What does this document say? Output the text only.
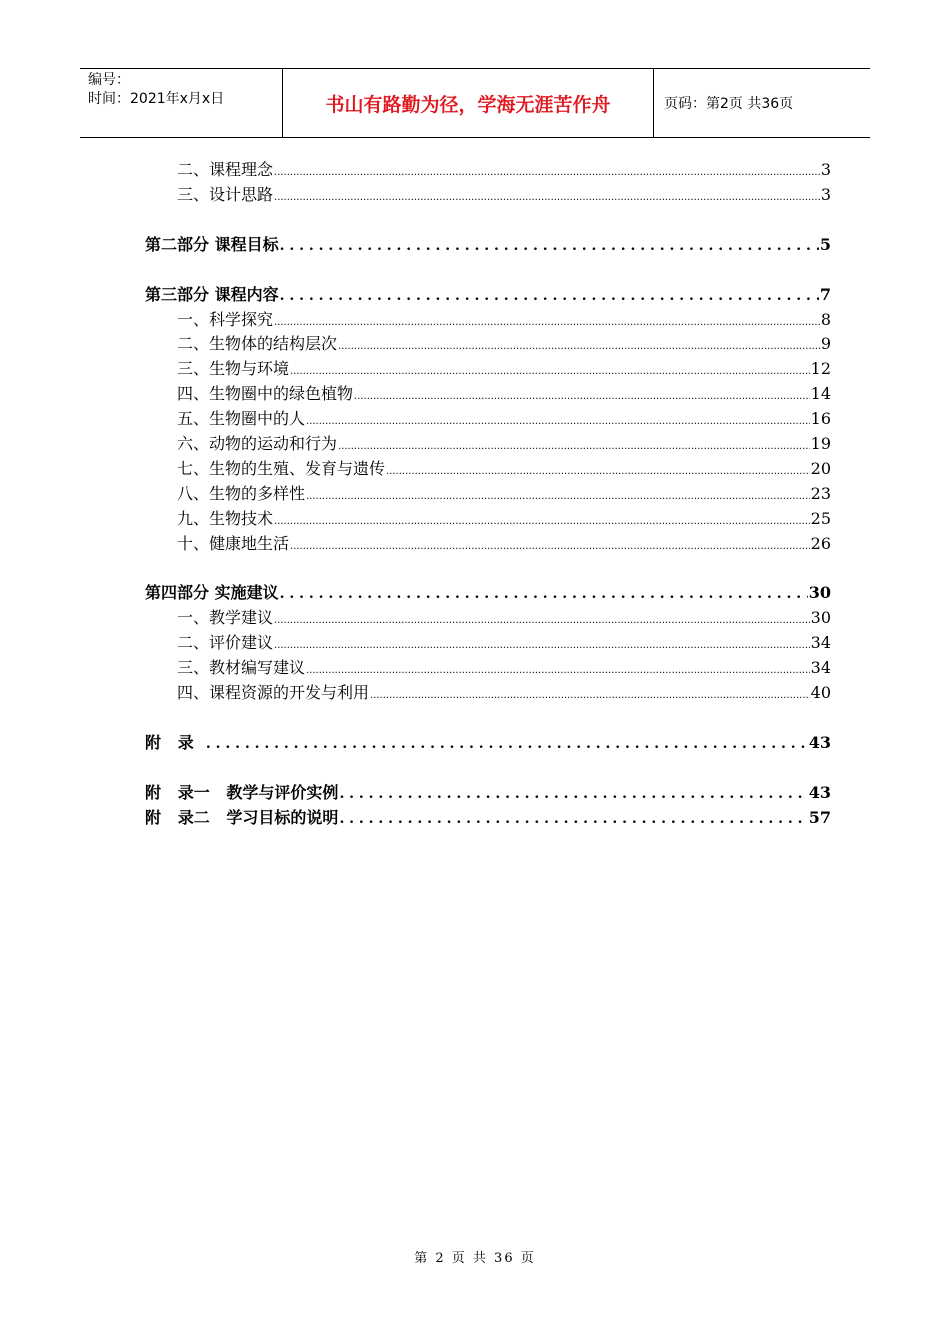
编号：
时间：2021年x月x日	书山有路勤为径，学海无涯苦作舟	页码：第2页 共36页
二、课程理念 .....	3
三、设计思路 .....	3
第二部分 课程目标 . . .	5
第三部分 课程内容 . . .	7
一、科学探究 .....	8
二、生物体的结构层次 .....	9
三、生物与环境 .....	12
四、生物圈中的绿色植物 .....	14
五、生物圈中的人 .....	16
六、动物的运动和行为 .....	19
七、生物的生殖、发育与遗传 .....	20
八、生物的多样性 .....	23
九、生物技术 .....	25
十、健康地生活 .....	26
第四部分 实施建议 . . .	30
一、教学建议 .....	30
二、评价建议 .....	34
三、教材编写建议 .....	34
四、课程资源的开发与利用 .....	40
附   录 . . .	43
附   录一   教学与评价实例 . . .	43
附   录二   学习目标的说明 . . .	57
第 2 页 共 36 页
